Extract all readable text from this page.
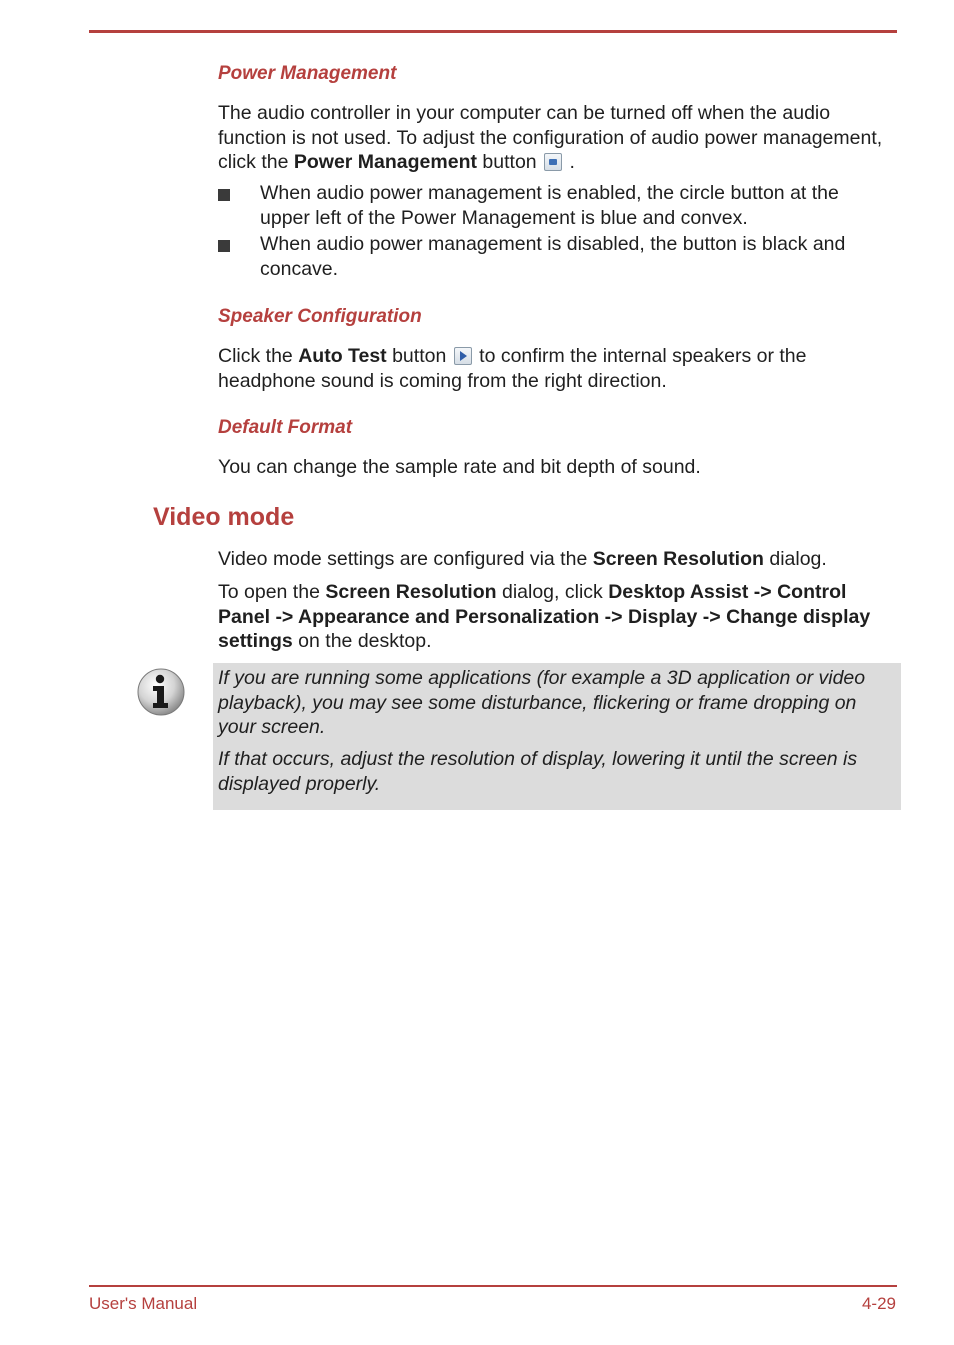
Power Management
The audio controller in your computer can be turned off when the audio function is not used. To adjust the configuration of audio power management, click the Power Management button
.
When audio power management is enabled, the circle button at the upper left of the Power Management is blue and convex.
When audio power management is disabled, the button is black and concave.
Speaker Configuration
Click the Auto Test button
to confirm the internal speakers or the headphone sound is coming from the right direction.
Default Format
You can change the sample rate and bit depth of sound.
Video mode
Video mode settings are configured via the Screen Resolution dialog.
To open the Screen Resolution dialog, click Desktop Assist -> Control Panel -> Appearance and Personalization -> Display -> Change display settings on the desktop.
If you are running some applications (for example a 3D application or video playback), you may see some disturbance, flickering or frame dropping on your screen.
If that occurs, adjust the resolution of display, lowering it until the screen is displayed properly.
User's Manual	4-29
